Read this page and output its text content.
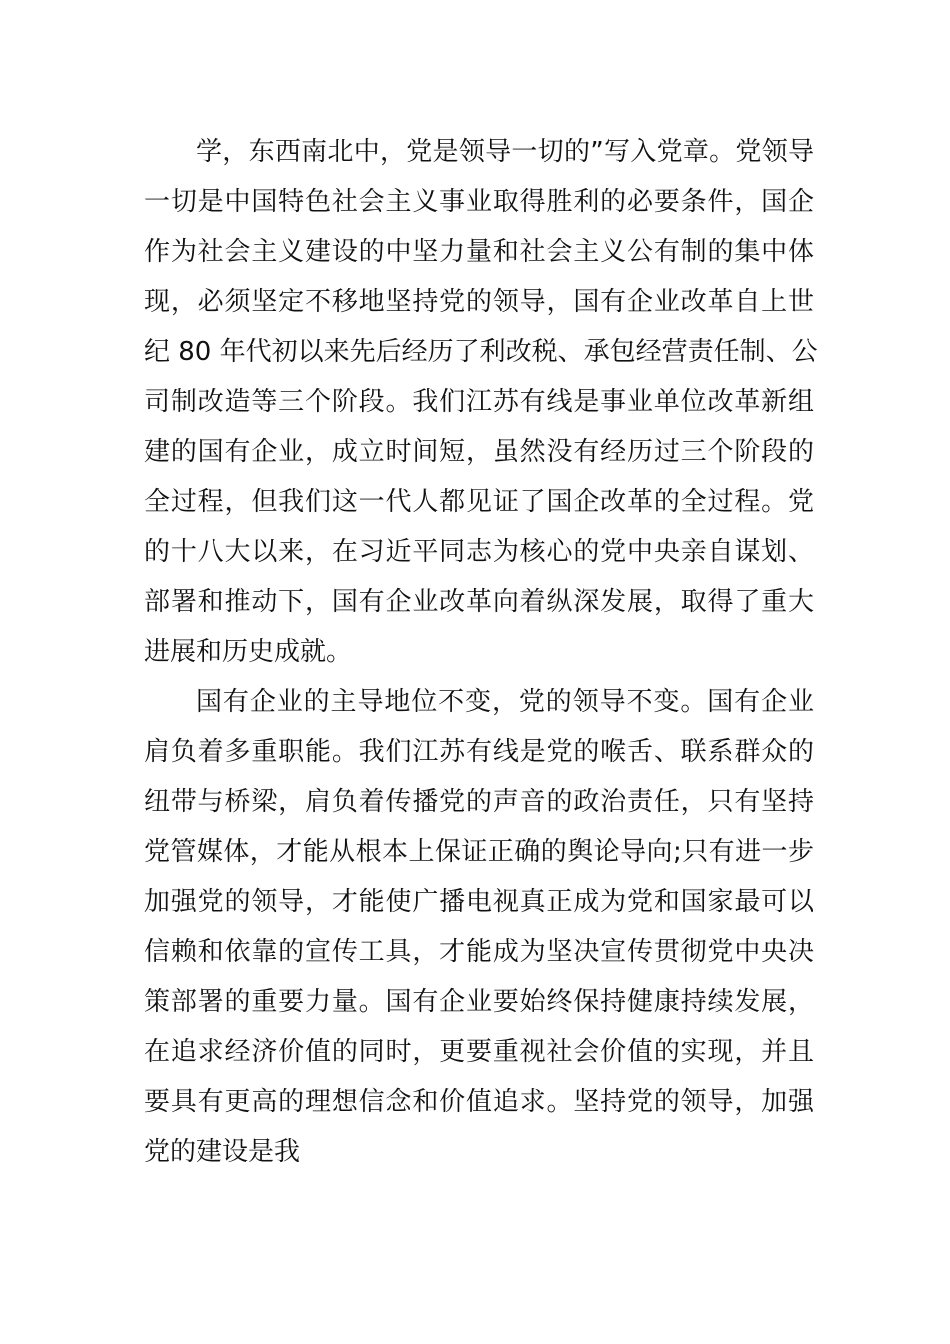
学，东西南北中，党是领导一切的”写入党章。党领导
一切是中国特色社会主义事业取得胜利的必要条件，国企
作为社会主义建设的中坚力量和社会主义公有制的集中体
现，必须坚定不移地坚持党的领导，国有企业改革自上世
纪 80 年代初以来先后经历了利改税、承包经营责任制、公
司制改造等三个阶段。我们江苏有线是事业单位改革新组
建的国有企业，成立时间短，虽然没有经历过三个阶段的
全过程，但我们这一代人都见证了国企改革的全过程。党
的十八大以来，在习近平同志为核心的党中央亲自谋划、
部署和推动下，国有企业改革向着纵深发展，取得了重大
进展和历史成就。
国有企业的主导地位不变，党的领导不变。国有企业
肩负着多重职能。我们江苏有线是党的喉舌、联系群众的
纽带与桥梁，肩负着传播党的声音的政治责任，只有坚持
党管媒体，才能从根本上保证正确的舆论导向;只有进一步
加强党的领导，才能使广播电视真正成为党和国家最可以
信赖和依靠的宣传工具，才能成为坚决宣传贯彻党中央决
策部署的重要力量。国有企业要始终保持健康持续发展，
在追求经济价值的同时，更要重视社会价值的实现，并且
要具有更高的理想信念和价值追求。坚持党的领导，加强
党的建设是我
